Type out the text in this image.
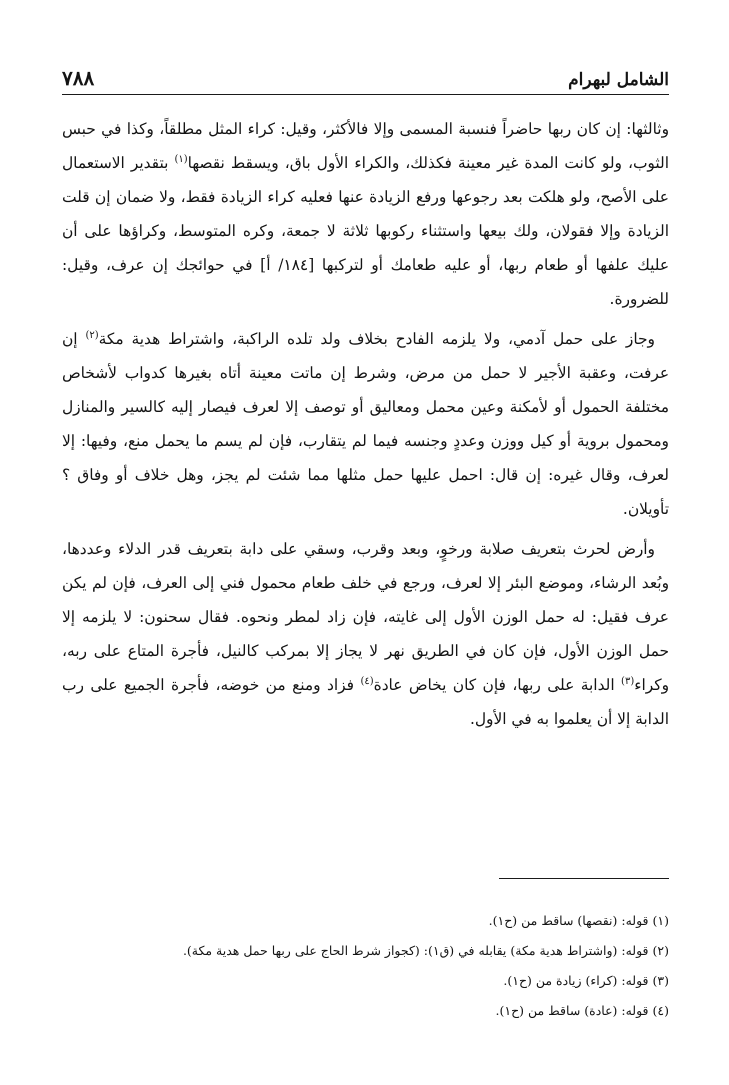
٧٨٨	الشامل لبهرام

وثالثها: إن كان ربها حاضراً فنسبة المسمى وإلا فالأكثر، وقيل: كراء المثل مطلقاً، وكذا في حبس الثوب، ولو كانت المدة غير معينة فكذلك، والكراء الأول باق، ويسقط نقصها$^{(١)}$ بتقدير الاستعمال على الأصح، ولو هلكت بعد رجوعها ورفع الزيادة عنها فعليه كراء الزيادة فقط، ولا ضمان إن قلت الزيادة وإلا فقولان، ولك بيعها واستثناء ركوبها ثلاثة لا جمعة، وكره المتوسط، وكراؤها على أن عليك علفها أو طعام ربها، أو عليه طعامك أو لتركبها [١٨٤/ أ] في حوائجك إن عرف، وقيل: للضرورة.

وجاز على حمل آدمي، ولا يلزمه الفادح بخلاف ولد تلده الراكبة، واشتراط هدية مكة$^{(٢)}$ إن عرفت، وعقبة الأجير لا حمل من مرض، وشرط إن ماتت معينة أتاه بغيرها كدواب لأشخاص مختلفة الحمول أو لأمكنة وعين محمل ومعاليق أو توصف إلا لعرف فيصار إليه كالسير والمنازل ومحمول بروية أو كيل ووزن وعددٍ وجنسه فيما لم يتقارب، فإن لم يسم ما يحمل منع، وفيها: إلا لعرف، وقال غيره: إن قال: احمل عليها حمل مثلها مما شئت لم يجز، وهل خلاف أو وفاق ؟ تأويلان.

وأرض لحرث بتعريف صلابة ورخوٍ، وبعد وقرب، وسقي على دابة بتعريف قدر الدلاء وعددها، وبُعد الرشاء، وموضع البئر إلا لعرف، ورجع في خلف طعام محمول فني إلى العرف، فإن لم يكن عرف فقيل: له حمل الوزن الأول إلى غايته، فإن زاد لمطر ونحوه. فقال سحنون: لا يلزمه إلا حمل الوزن الأول، فإن كان في الطريق نهر لا يجاز إلا بمركب كالنيل، فأجرة المتاع على ربه، وكراء$^{(٣)}$ الدابة على ربها، فإن كان يخاض عادة$^{(٤)}$ فزاد ومنع من خوضه، فأجرة الجميع على رب الدابة إلا أن يعلموا به في الأول.

(١) قوله: (نقصها) ساقط من (ح١).
(٢) قوله: (واشتراط هدية مكة) يقابله في (ق١): (كجواز شرط الحاج على ربها حمل هدية مكة).
(٣) قوله: (كراء) زيادة من (ح١).
(٤) قوله: (عادة) ساقط من (ح١).
